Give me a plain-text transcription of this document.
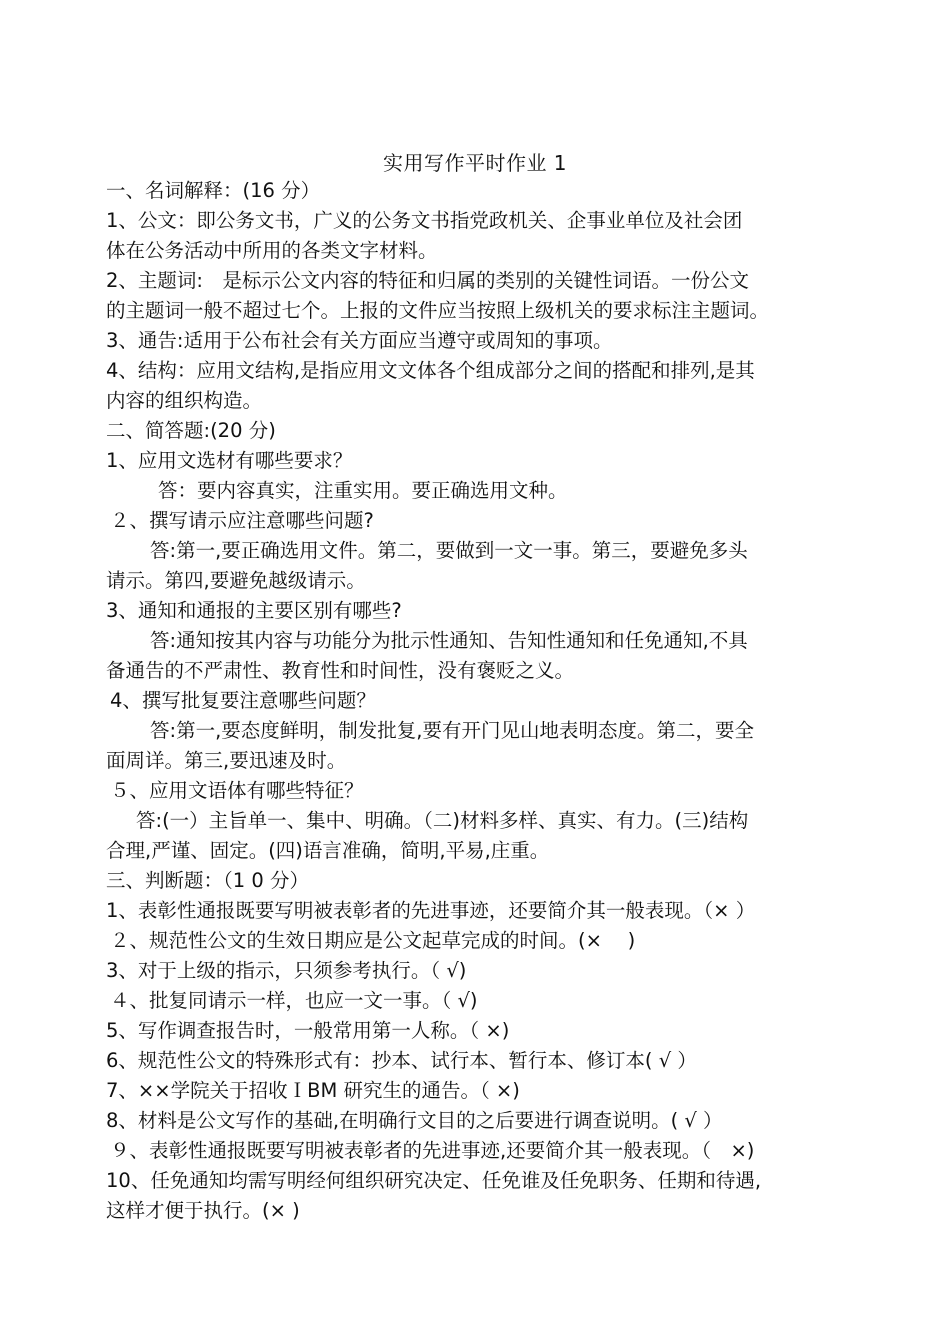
实用写作平时作业 1
一、名词解释：(16 分）
1、公文：即公务文书，广义的公务文书指党政机关、企事业单位及社会团
体在公务活动中所用的各类文字材料。
2、主题词:　是标示公文内容的特征和归属的类别的关键性词语。一份公文
的主题词一般不超过七个。上报的文件应当按照上级机关的要求标注主题词。
3、通告:适用于公布社会有关方面应当遵守或周知的事项。
4、结构：应用文结构,是指应用文文体各个组成部分之间的搭配和排列,是其
内容的组织构造。
二、简答题:(20 分)
1、应用文选材有哪些要求？
答：要内容真实，注重实用。要正确选用文种。
２、撰写请示应注意哪些问题?
答:第一,要正确选用文件。第二，要做到一文一事。第三，要避免多头
请示。第四,要避免越级请示。
3、通知和通报的主要区别有哪些?
答:通知按其内容与功能分为批示性通知、告知性通知和任免通知,不具
备通告的不严肃性、教育性和时间性，没有褒贬之义。
4、撰写批复要注意哪些问题？
答:第一,要态度鲜明，制发批复,要有开门见山地表明态度。第二，要全
面周详。第三,要迅速及时。
５、应用文语体有哪些特征？
答:(一）主旨单一、集中、明确。（二)材料多样、真实、有力。(三)结构
合理,严谨、固定。(四)语言准确，简明,平易,庄重。
三、判断题：（1 0 分）
1、表彰性通报既要写明被表彰者的先进事迹，还要简介其一般表现。（× ）
２、规范性公文的生效日期应是公文起草完成的时间。(×　 )
3、对于上级的指示，只须参考执行。（ √)
４、批复同请示一样，也应一文一事。（ √)
5、写作调查报告时，一般常用第一人称。（ ×)
6、规范性公文的特殊形式有：抄本、试行本、暂行本、修订本( √ ）
7、××学院关于招收ＩBM 研究生的通告。（ ×)
8、材料是公文写作的基础,在明确行文目的之后要进行调查说明。( √ ）
９、表彰性通报既要写明被表彰者的先进事迹,还要简介其一般表现。（　×)
10、任免通知均需写明经何组织研究决定、任免谁及任免职务、任期和待遇,
这样才便于执行。(× )
